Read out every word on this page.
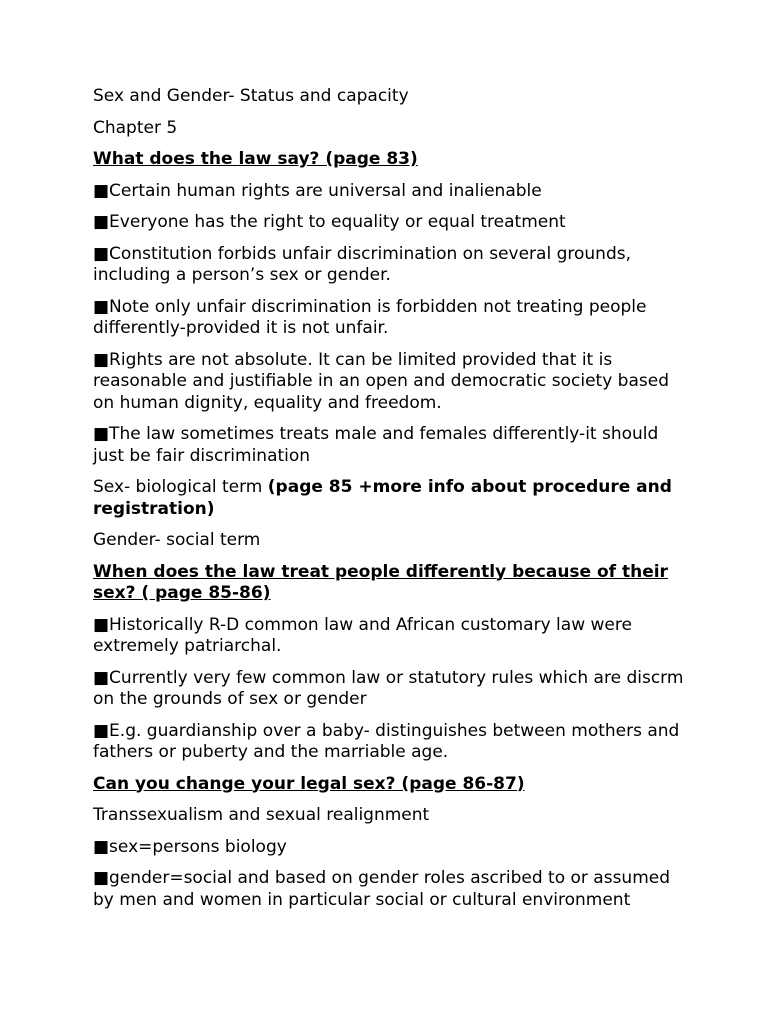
Sex and Gender- Status and capacity

Chapter 5

What does the law say? (page 83)

■Certain human rights are universal and inalienable

■Everyone has the right to equality or equal treatment

■Constitution forbids unfair discrimination on several grounds, including a person’s sex or gender.

■Note only unfair discrimination is forbidden not treating people differently-provided it is not unfair.

■Rights are not absolute. It can be limited provided that it is reasonable and justifiable in an open and democratic society based on human dignity, equality and freedom.

■The law sometimes treats male and females differently-it should just be fair discrimination

Sex- biological term (page 85 +more info about procedure and registration)

Gender- social term

When does the law treat people differently because of their sex? ( page 85-86)

■Historically R-D common law and African customary law were extremely patriarchal.

■Currently very few common law or statutory rules which are discrm on the grounds of sex or gender

■E.g. guardianship over a baby- distinguishes between mothers and fathers or puberty and the marriable age.

Can you change your legal sex? (page 86-87)

Transsexualism and sexual realignment

■sex=persons biology

■gender=social and based on gender roles ascribed to or assumed by men and women in particular social or cultural environment
